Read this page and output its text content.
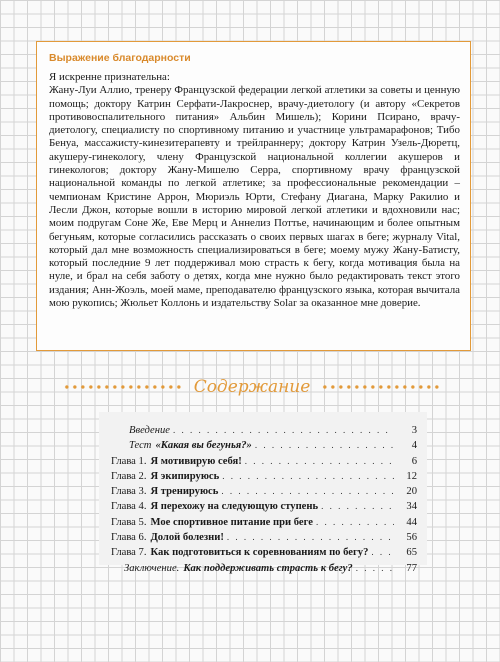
Выражение благодарности

Я искренне признательна:
Жану-Луи Аллио, тренеру Французской федерации легкой атлетики за советы и ценную помощь; доктору Катрин Серфати-Лакроснер, врачу-диетологу (и автору «Секретов противовоспалительного питания» Альбин Мишель); Корини Псирано, врачу-диетологу, специалисту по спортивному питанию и участнице ультрамарафонов; Тибо Бенуа, массажисту-кинезитерапевту и трейлраннеру; доктору Катрин Узель-Дюретц, акушеру-гинекологу, члену Французской национальной коллегии акушеров и гинекологов; доктору Жану-Мишелю Серра, спортивному врачу французской национальной команды по легкой атлетике; за профессиональные рекомендации – чемпионам Кристине Аррон, Мюриэль Юрти, Стефану Диагана, Марку Ракилио и Лесли Джон, которые вошли в историю мировой легкой атлетики и вдохновили нас; моим подругам Соне Же, Еве Мерц и Аннелиз Поттье, начинающим и более опытным бегуньям, которые согласились рассказать о своих первых шагах в беге; журналу Vital, который дал мне возможность специализироваться в беге; моему мужу Жану-Батисту, который последние 9 лет поддерживал мою страсть к бегу, когда мотивация была на нуле, и брал на себя заботу о детях, когда мне нужно было редактировать текст этого издания; Анн-Жоэль, моей маме, преподавателю французского языка, которая вычитала мою рукопись; Жюльет Коллонь и издательству Solar за оказанное мне доверие.

Содержание
Введение . . .	3
Тест «Какая вы бегунья?» . . .	4
Глава 1. Я мотивирую себя! . . .	6
Глава 2. Я экипируюсь . . .	12
Глава 3. Я тренируюсь . . .	20
Глава 4. Я перехожу на следующую ступень . . .	34
Глава 5. Мое спортивное питание при беге . . .	44
Глава 6. Долой болезни! . . .	56
Глава 7. Как подготовиться к соревнованиям по бегу? . . .	65
Заключение. Как поддерживать страсть к бегу? . . .	77
